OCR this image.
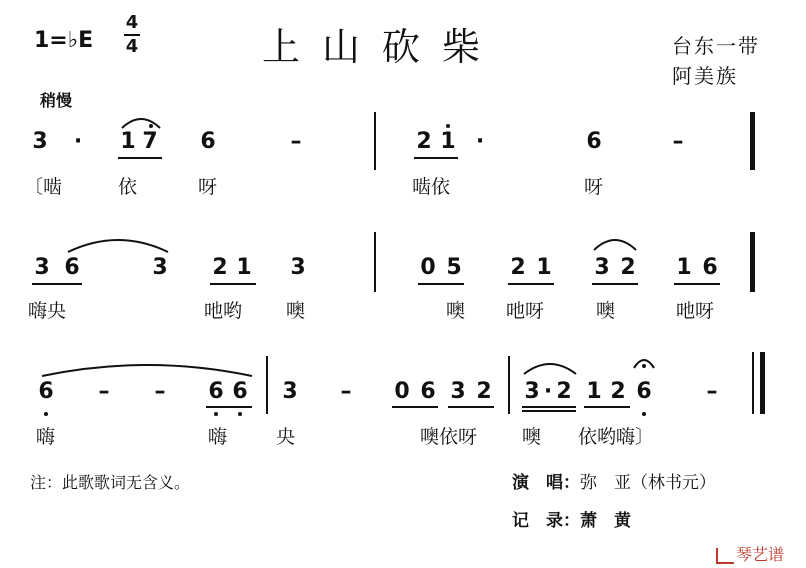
1=♭E
4
4	上山砍柴	台东一带
阿美族
稍慢
3 · 1 7 6	–	2 1 ·	6	–
〔啮	依	呀	啮依	呀
3 6	3 2 1 3	0 5 2 1 3 2 1 6
嗨央	吔哟 噢	噢 吔呀	噢	吔呀
6 – – 6 6 3 – 0 6 3 2 3 · 2 1 2 6 –
嗨	嗨	央	噢依呀 噢 依哟嗨〕
注：此歌歌词无含义。	演　唱：弥　亚（林书元）
记　录：萧　黄
琴艺谱
